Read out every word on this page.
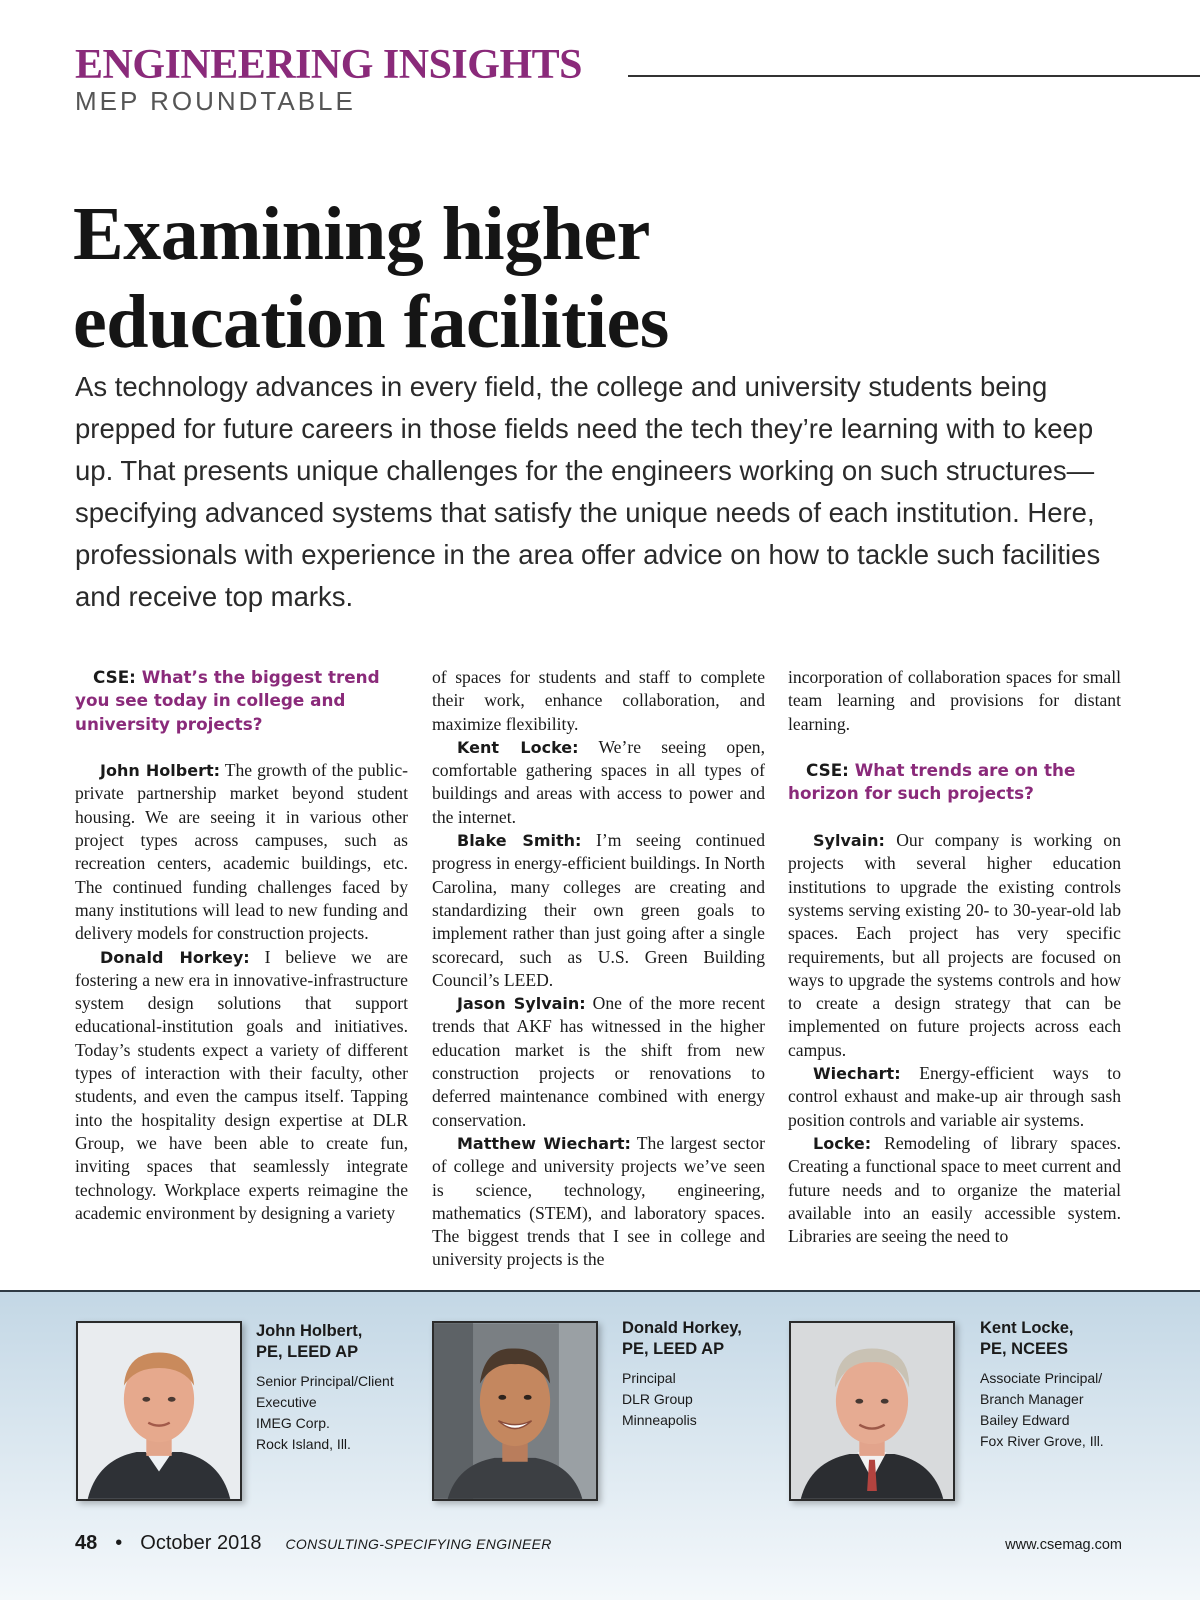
ENGINEERING INSIGHTS
MEP ROUNDTABLE
Examining higher
education facilities

As technology advances in every field, the college and university students being prepped for future careers in those fields need the tech they’re learning with to keep up. That presents unique challenges for the engineers working on such structures—specifying advanced systems that satisfy the unique needs of each institution. Here, professionals with experience in the area offer advice on how to tackle such facilities and receive top marks.

CSE: What’s the biggest trend you see today in college and university projects?

John Holbert: The growth of the public-private partnership market beyond student housing. We are seeing it in various other project types across campuses, such as recreation centers, academic buildings, etc. The continued funding challenges faced by many institutions will lead to new funding and delivery models for construction projects.

Donald Horkey: I believe we are fostering a new era in innovative-infrastructure system design solutions that support educational-institution goals and initiatives. Today’s students expect a variety of different types of interaction with their faculty, other students, and even the campus itself. Tapping into the hospitality design expertise at DLR Group, we have been able to create fun, inviting spaces that seamlessly integrate technology. Workplace experts reimagine the academic environment by designing a variety

of spaces for students and staff to complete their work, enhance collaboration, and maximize flexibility.

Kent Locke: We’re seeing open, comfortable gathering spaces in all types of buildings and areas with access to power and the internet.

Blake Smith: I’m seeing continued progress in energy-efficient buildings. In North Carolina, many colleges are creating and standardizing their own green goals to implement rather than just going after a single scorecard, such as U.S. Green Building Council’s LEED.

Jason Sylvain: One of the more recent trends that AKF has witnessed in the higher education market is the shift from new construction projects or renovations to deferred maintenance combined with energy conservation.

Matthew Wiechart: The largest sector of college and university projects we’ve seen is science, technology, engineering, mathematics (STEM), and laboratory spaces. The biggest trends that I see in college and university projects is the

incorporation of collaboration spaces for small team learning and provisions for distant learning.

CSE: What trends are on the horizon for such projects?

Sylvain: Our company is working on projects with several higher education institutions to upgrade the existing controls systems serving existing 20- to 30-year-old lab spaces. Each project has very specific requirements, but all projects are focused on ways to upgrade the systems controls and how to create a design strategy that can be implemented on future projects across each campus.

Wiechart: Energy-efficient ways to control exhaust and make-up air through sash position controls and variable air systems.

Locke: Remodeling of library spaces. Creating a functional space to meet current and future needs and to organize the material available into an easily accessible system. Libraries are seeing the need to

John Holbert,
PE, LEED AP
Senior Principal/Client
Executive
IMEG Corp.
Rock Island, Ill.
Donald Horkey,
PE, LEED AP
Principal
DLR Group
Minneapolis
Kent Locke,
PE, NCEES
Associate Principal/
Branch Manager
Bailey Edward
Fox River Grove, Ill.
48 • October 2018 CONSULTING-SPECIFYING ENGINEER	www.csemag.com
